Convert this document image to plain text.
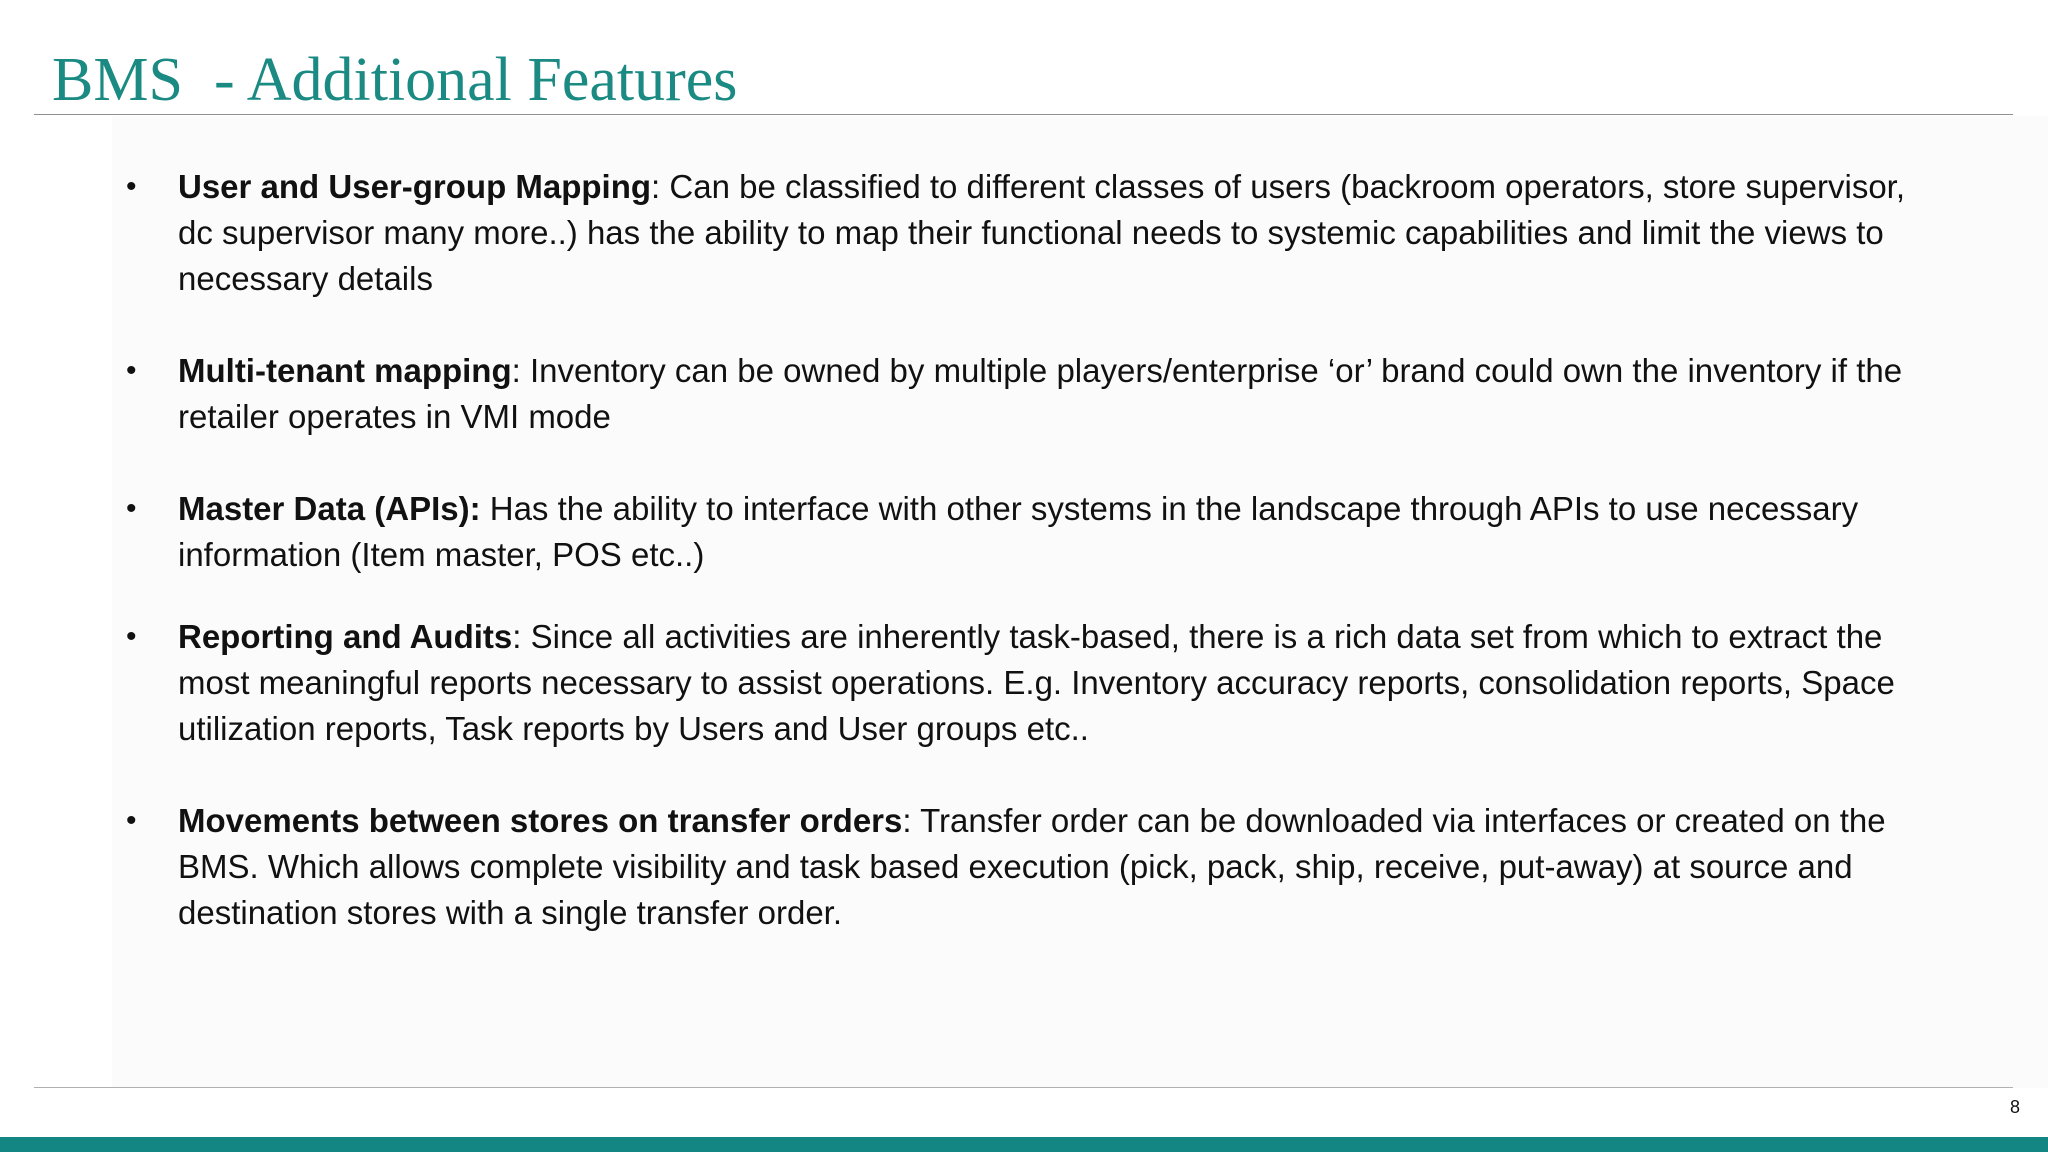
BMS  - Additional Features
• User and User-group Mapping: Can be classified to different classes of users (backroom operators, store supervisor, dc supervisor many more..) has the ability to map their functional needs to systemic capabilities and limit the views to necessary details
• Multi-tenant mapping: Inventory can be owned by multiple players/enterprise ‘or’ brand could own the inventory if the retailer operates in VMI mode
• Master Data (APIs): Has the ability to interface with other systems in the landscape through APIs to use necessary information (Item master, POS etc..)
• Reporting and Audits: Since all activities are inherently task-based, there is a rich data set from which to extract the most meaningful reports necessary to assist operations. E.g. Inventory accuracy reports, consolidation reports, Space utilization reports, Task reports by Users and User groups etc..
• Movements between stores on transfer orders: Transfer order can be downloaded via interfaces or created on the BMS. Which allows complete visibility and task based execution (pick, pack, ship, receive, put-away) at source and destination stores with a single transfer order.
8
